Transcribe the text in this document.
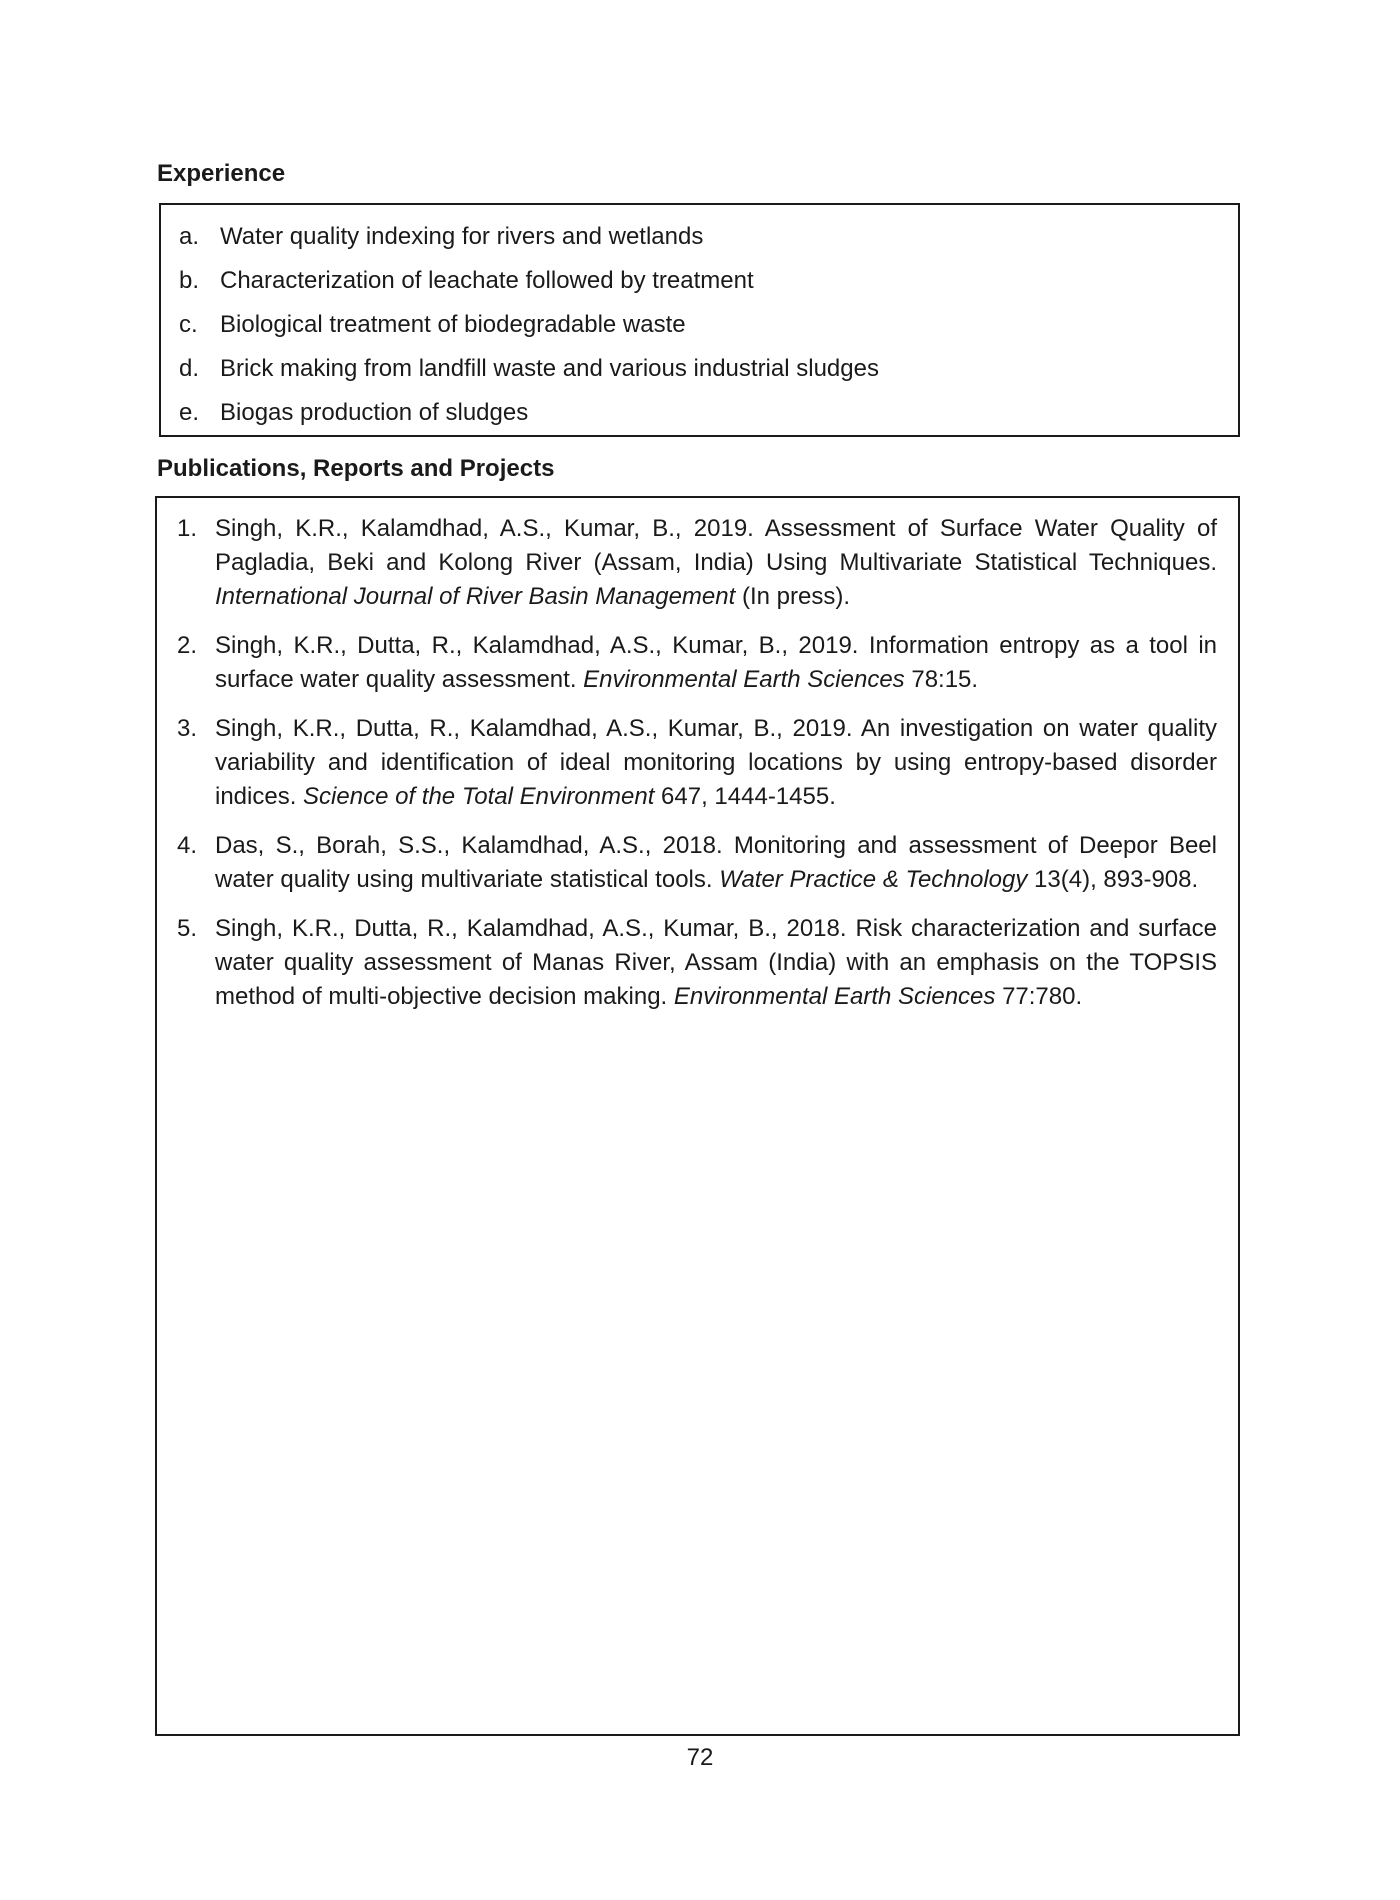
Experience
a. Water quality indexing for rivers and wetlands
b. Characterization of leachate followed by treatment
c. Biological treatment of biodegradable waste
d. Brick making from landfill waste and various industrial sludges
e. Biogas production of sludges
Publications, Reports and Projects
1. Singh, K.R., Kalamdhad, A.S., Kumar, B., 2019. Assessment of Surface Water Quality of Pagladia, Beki and Kolong River (Assam, India) Using Multivariate Statistical Techniques. International Journal of River Basin Management (In press).
2. Singh, K.R., Dutta, R., Kalamdhad, A.S., Kumar, B., 2019. Information entropy as a tool in surface water quality assessment. Environmental Earth Sciences 78:15.
3. Singh, K.R., Dutta, R., Kalamdhad, A.S., Kumar, B., 2019. An investigation on water quality variability and identification of ideal monitoring locations by using entropy-based disorder indices. Science of the Total Environment 647, 1444-1455.
4. Das, S., Borah, S.S., Kalamdhad, A.S., 2018. Monitoring and assessment of Deepor Beel water quality using multivariate statistical tools. Water Practice & Technology 13(4), 893-908.
5. Singh, K.R., Dutta, R., Kalamdhad, A.S., Kumar, B., 2018. Risk characterization and surface water quality assessment of Manas River, Assam (India) with an emphasis on the TOPSIS method of multi-objective decision making. Environmental Earth Sciences 77:780.
72
